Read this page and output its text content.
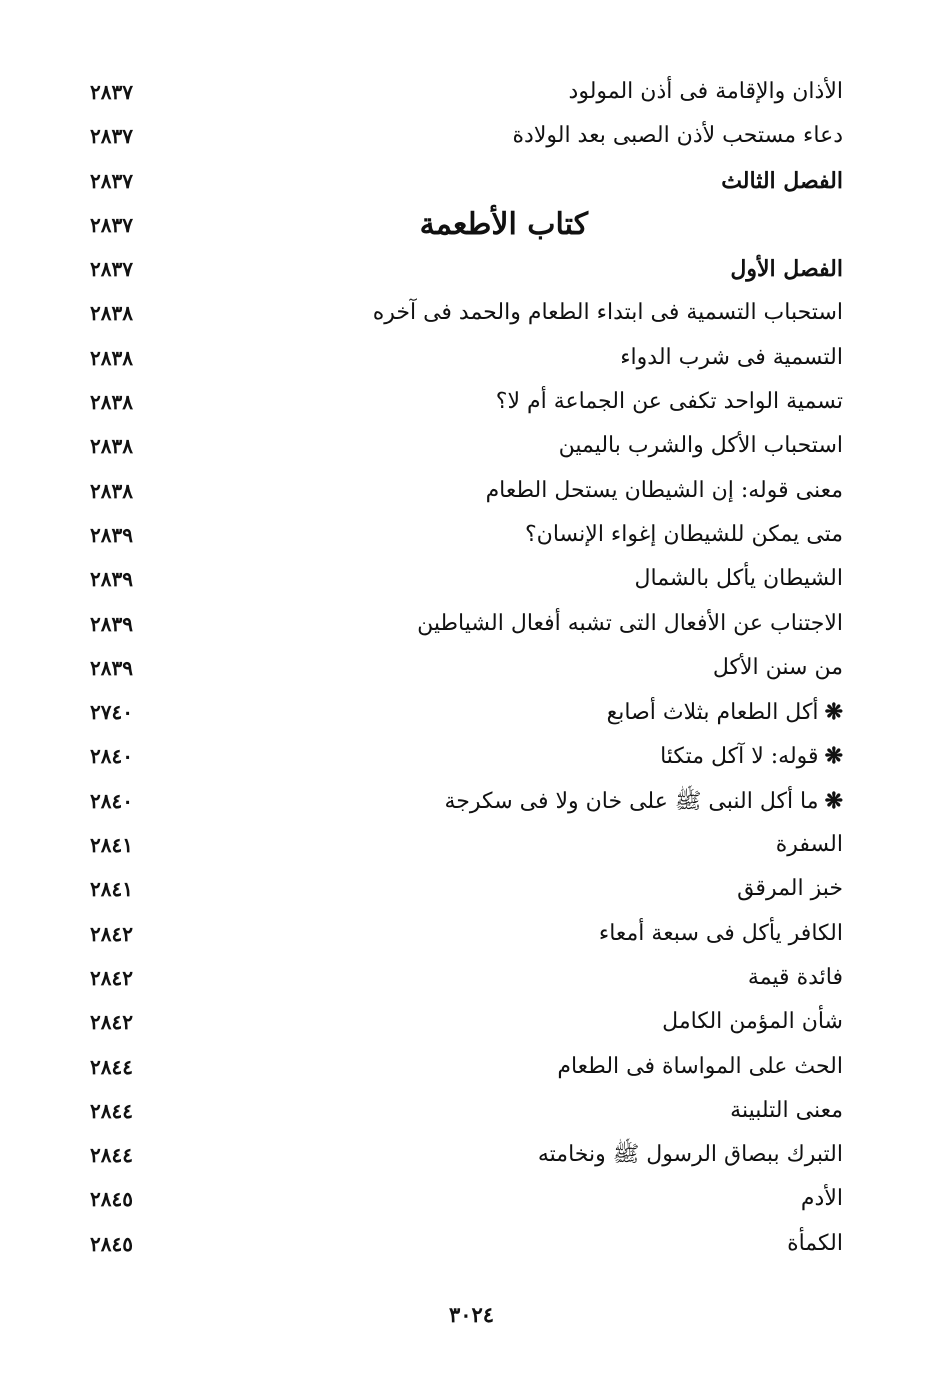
الأذان والإقامة فى أذن المولود
٢٨٣٧
دعاء مستحب لأذن الصبى بعد الولادة
٢٨٣٧
الفصل الثالث
٢٨٣٧
كتاب الأطعمة
٢٨٣٧
الفصل الأول
٢٨٣٧
استحباب التسمية فى ابتداء الطعام والحمد فى آخره
٢٨٣٨
التسمية فى شرب الدواء
٢٨٣٨
تسمية الواحد تكفى عن الجماعة أم لا؟
٢٨٣٨
استحباب الأكل والشرب باليمين
٢٨٣٨
معنى قوله: إن الشيطان يستحل الطعام
٢٨٣٨
متى يمكن للشيطان إغواء الإنسان؟
٢٨٣٩
الشيطان يأكل بالشمال
٢٨٣٩
الاجتناب عن الأفعال التى تشبه أفعال الشياطين
٢٨٣٩
من سنن الأكل
٢٨٣٩
❋أكل الطعام بثلاث أصابع
٢٧٤٠
❋قوله: لا آكل متكئا
٢٨٤٠
❋ما أكل النبى ﷺ على خان ولا فى سكرجة
٢٨٤٠
السفرة
٢٨٤١
خبز المرقق
٢٨٤١
الكافر يأكل فى سبعة أمعاء
٢٨٤٢
فائدة قيمة
٢٨٤٢
شأن المؤمن الكامل
٢٨٤٢
الحث على المواساة فى الطعام
٢٨٤٤
معنى التلبينة
٢٨٤٤
التبرك ببصاق الرسول ﷺ ونخامته
٢٨٤٤
الأدم
٢٨٤٥
الكمأة
٢٨٤٥
٣٠٢٤
